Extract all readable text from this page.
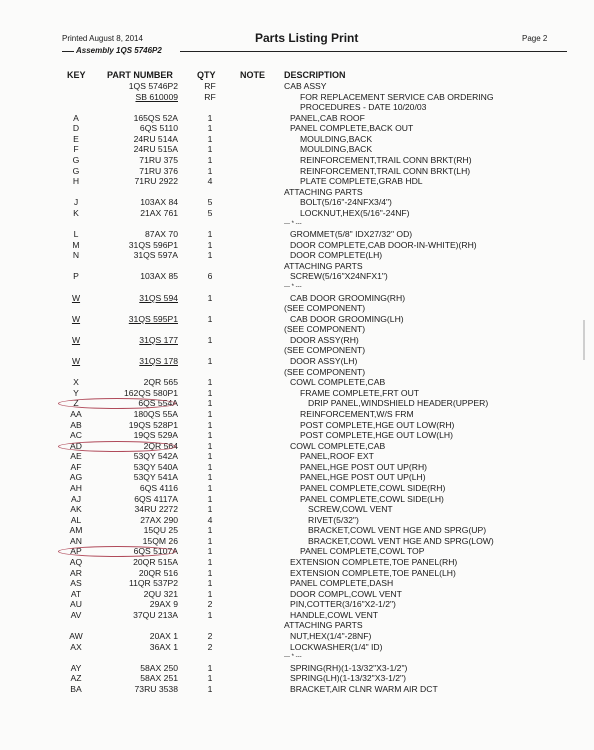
Printed August 8, 2014	Parts Listing Print	Page 2
Assembly 1QS 5746P2
KEY PART NUMBER	QTY	NOTE DESCRIPTION
1QS 5746P2	RF	CAB ASSY
SB 610009	RF	FOR REPLACEMENT SERVICE CAB ORDERING
PROCEDURES - DATE 10/20/03
A	165QS 52A	1	PANEL,CAB ROOF
D	6QS 5110	1	PANEL COMPLETE,BACK OUT
E	24RU 514A	1	MOULDING,BACK
F	24RU 515A	1	MOULDING,BACK
G	71RU 375	1	REINFORCEMENT,TRAIL CONN BRKT(RH)
G	71RU 376	1	REINFORCEMENT,TRAIL CONN BRKT(LH)
H	71RU 2922	4	PLATE COMPLETE,GRAB HDL
ATTACHING PARTS
J	103AX 84	5	BOLT(5/16"-24NFX3/4")
K	21AX 761	5	LOCKNUT,HEX(5/16"-24NF)
--- * ---
L	87AX 70	1	GROMMET(5/8" IDX27/32" OD)
M	31QS 596P1	1	DOOR COMPLETE,CAB DOOR-IN-WHITE)(RH)
N	31QS 597A	1	DOOR COMPLETE(LH)
ATTACHING PARTS
P	103AX 85	6	SCREW(5/16"X24NFX1")
--- * ---
W	31QS 594	1	CAB DOOR GROOMING(RH)
(SEE COMPONENT)
W	31QS 595P1	1	CAB DOOR GROOMING(LH)
(SEE COMPONENT)
W	31QS 177	1	DOOR ASSY(RH)
(SEE COMPONENT)
W	31QS 178	1	DOOR ASSY(LH)
(SEE COMPONENT)
X	2QR 565	1	COWL COMPLETE,CAB
Y	162QS 580P1	1	FRAME COMPLETE,FRT OUT
Z	6QS 554A	1	DRIP PANEL,WINDSHIELD HEADER(UPPER)
AA	180QS 55A	1	REINFORCEMENT,W/S FRM
AB	19QS 528P1	1	POST COMPLETE,HGE OUT LOW(RH)
AC	19QS 529A	1	POST COMPLETE,HGE OUT LOW(LH)
AD	2QR 564	1	COWL COMPLETE,CAB
AE	53QY 542A	1	PANEL,ROOF EXT
AF	53QY 540A	1	PANEL,HGE POST OUT UP(RH)
AG	53QY 541A	1	PANEL,HGE POST OUT UP(LH)
AH	6QS 4116	1	PANEL COMPLETE,COWL SIDE(RH)
AJ	6QS 4117A	1	PANEL COMPLETE,COWL SIDE(LH)
AK	34RU 2272	1	SCREW,COWL VENT
AL	27AX 290	4	RIVET(5/32")
AM	15QU 25	1	BRACKET,COWL VENT HGE AND SPRG(UP)
AN	15QM 26	1	BRACKET,COWL VENT HGE AND SPRG(LOW)
AP	6QS 5107A	1	PANEL COMPLETE,COWL TOP
AQ	20QR 515A	1	EXTENSION COMPLETE,TOE PANEL(RH)
AR	20QR 516	1	EXTENSION COMPLETE,TOE PANEL(LH)
AS	11QR 537P2	1	PANEL COMPLETE,DASH
AT	2QU 321	1	DOOR COMPL,COWL VENT
AU	29AX 9	2	PIN,COTTER(3/16"X2-1/2")
AV	37QU 213A	1	HANDLE,COWL VENT
ATTACHING PARTS
AW	20AX 1	2	NUT,HEX(1/4"-28NF)
AX	36AX 1	2	LOCKWASHER(1/4" ID)
--- * ---
AY	58AX 250	1	SPRING(RH)(1-13/32"X3-1/2")
AZ	58AX 251	1	SPRING(LH)(1-13/32"X3-1/2")
BA	73RU 3538	1	BRACKET,AIR CLNR WARM AIR DCT
